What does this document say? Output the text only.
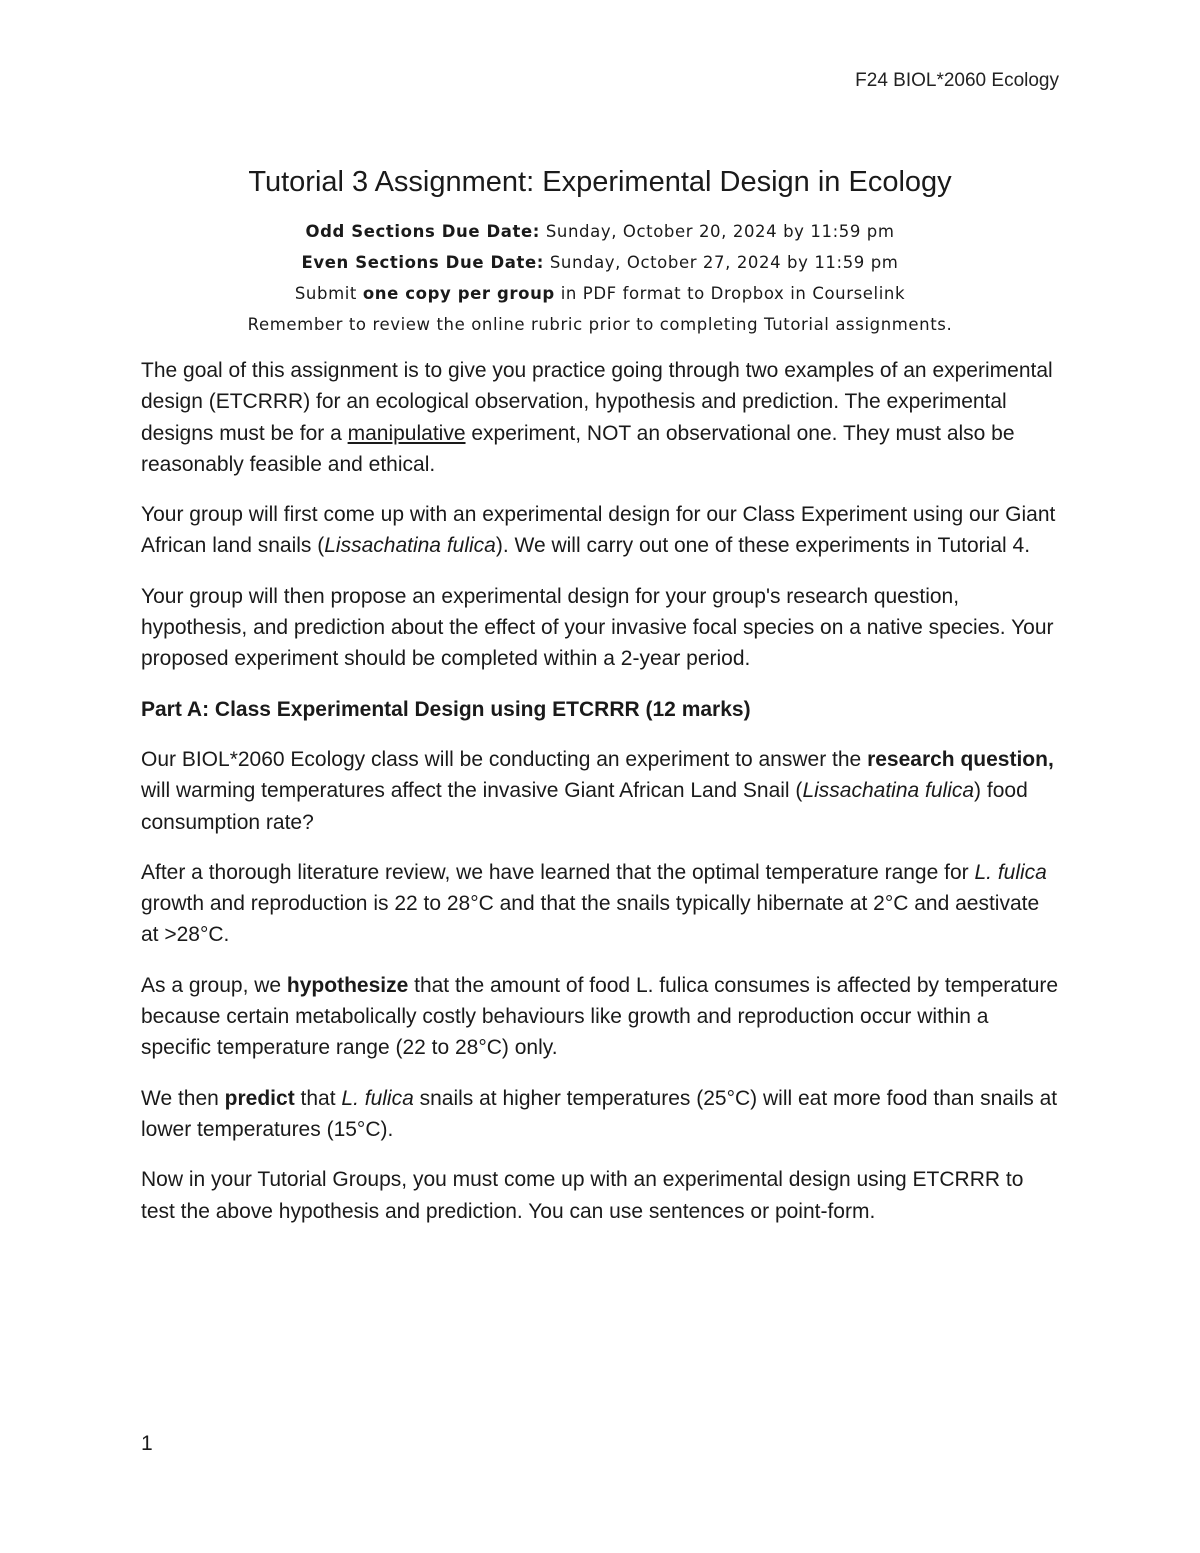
F24 BIOL*2060 Ecology
Tutorial 3 Assignment: Experimental Design in Ecology
Odd Sections Due Date: Sunday, October 20, 2024 by 11:59 pm
Even Sections Due Date: Sunday, October 27, 2024 by 11:59 pm
Submit one copy per group in PDF format to Dropbox in Courselink
Remember to review the online rubric prior to completing Tutorial assignments.

The goal of this assignment is to give you practice going through two examples of an experimental design (ETCRRR) for an ecological observation, hypothesis and prediction. The experimental designs must be for a manipulative experiment, NOT an observational one. They must also be reasonably feasible and ethical.

Your group will first come up with an experimental design for our Class Experiment using our Giant African land snails (Lissachatina fulica). We will carry out one of these experiments in Tutorial 4.

Your group will then propose an experimental design for your group's research question, hypothesis, and prediction about the effect of your invasive focal species on a native species. Your proposed experiment should be completed within a 2-year period.

Part A: Class Experimental Design using ETCRRR (12 marks)

Our BIOL*2060 Ecology class will be conducting an experiment to answer the research question, will warming temperatures affect the invasive Giant African Land Snail (Lissachatina fulica) food consumption rate?

After a thorough literature review, we have learned that the optimal temperature range for L. fulica growth and reproduction is 22 to 28°C and that the snails typically hibernate at 2°C and aestivate at >28°C.

As a group, we hypothesize that the amount of food L. fulica consumes is affected by temperature because certain metabolically costly behaviours like growth and reproduction occur within a specific temperature range (22 to 28°C) only.

We then predict that L. fulica snails at higher temperatures (25°C) will eat more food than snails at lower temperatures (15°C).

Now in your Tutorial Groups, you must come up with an experimental design using ETCRRR to test the above hypothesis and prediction. You can use sentences or point-form.

1
